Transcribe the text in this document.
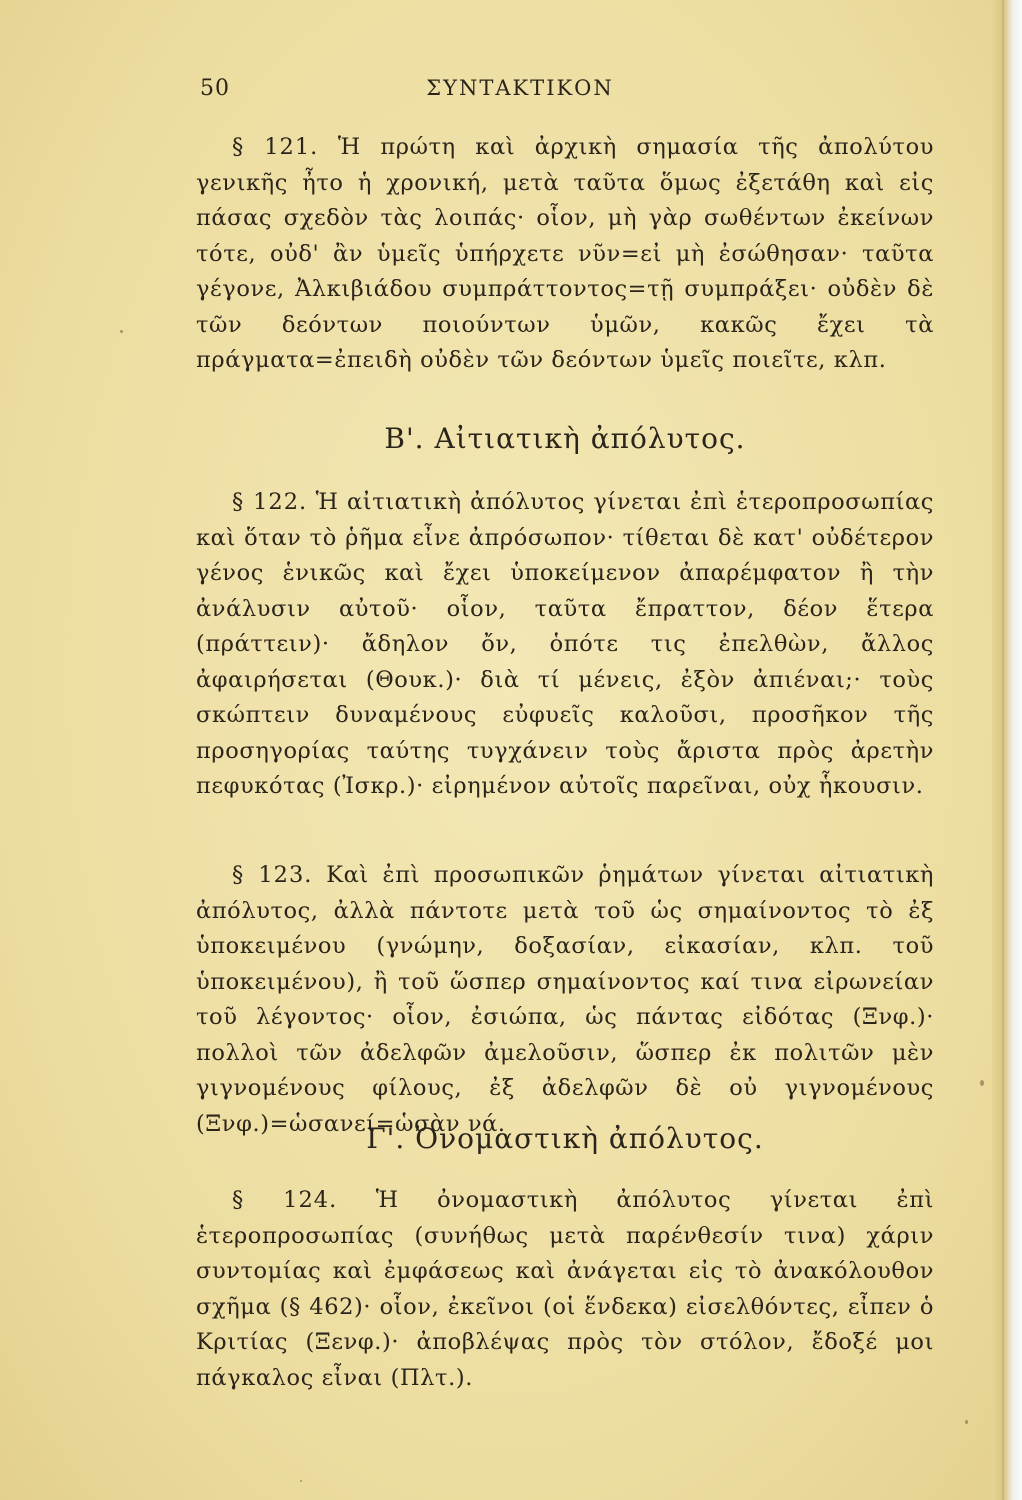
50	ΣΥΝΤΑΚΤΙΚΟΝ
§ 121. Ἡ πρώτη καὶ ἀρχικὴ σημασία τῆς ἀπολύτου γενικῆς ἦτο ἡ χρονική, μετὰ ταῦτα ὅμως ἐξετάθη καὶ εἰς πάσας σχεδὸν τὰς λοιπάς· οἷον, μὴ γὰρ σωθέντων ἐκείνων τότε, οὐδ' ἂν ὑμεῖς ὑπήρχετε νῦν=εἰ μὴ ἐσώθησαν· ταῦτα γέγονε, Ἀλκιβιάδου συμπράττοντος=τῇ συμπράξει· οὐδὲν δὲ τῶν δεόντων ποιούντων ὑμῶν, κακῶς ἔχει τὰ πράγματα=ἐπειδὴ οὐδὲν τῶν δεόντων ὑμεῖς ποιεῖτε, κλπ.
Β'. Αἰτιατικὴ ἀπόλυτος.
§ 122. Ἡ αἰτιατικὴ ἀπόλυτος γίνεται ἐπὶ ἑτεροπροσωπίας καὶ ὅταν τὸ ῥῆμα εἶνε ἀπρόσωπον· τίθεται δὲ κατ' οὐδέτερον γένος ἑνικῶς καὶ ἔχει ὑποκείμενον ἀπαρέμφατον ἢ τὴν ἀνάλυσιν αὐτοῦ· οἷον, ταῦτα ἔπραττον, δέον ἕτερα (πράττειν)· ἄδηλον ὄν, ὁπότε τις ἐπελθὼν, ἄλλος ἀφαιρήσεται (Θουκ.)· διὰ τί μένεις, ἐξὸν ἀπιέναι;· τοὺς σκώπτειν δυναμένους εὐφυεῖς καλοῦσι, προσῆκον τῆς προσηγορίας ταύτης τυγχάνειν τοὺς ἄριστα πρὸς ἀρετὴν πεφυκότας (Ἰσκρ.)· εἰρημένον αὐτοῖς παρεῖναι, οὐχ ἧκουσιν.
§ 123. Καὶ ἐπὶ προσωπικῶν ῥημάτων γίνεται αἰτιατικὴ ἀπόλυτος, ἀλλὰ πάντοτε μετὰ τοῦ ὡς σημαίνοντος τὸ ἐξ ὑποκειμένου (γνώμην, δοξασίαν, εἰκασίαν, κλπ. τοῦ ὑποκειμένου), ἢ τοῦ ὥσπερ σημαίνοντος καί τινα εἰρωνείαν τοῦ λέγοντος· οἷον, ἐσιώπα, ὡς πάντας εἰδότας (Ξνφ.)· πολλοὶ τῶν ἀδελφῶν ἀμελοῦσιν, ὥσπερ ἐκ πολιτῶν μὲν γιγνομένους φίλους, ἐξ ἀδελφῶν δὲ οὐ γιγνομένους (Ξνφ.)=ὡσανεί=ὡσὰν νά.
Γ'. Ὀνομαστικὴ ἀπόλυτος.
§ 124. Ἡ ὀνομαστικὴ ἀπόλυτος γίνεται ἐπὶ ἑτεροπροσωπίας (συνήθως μετὰ παρένθεσίν τινα) χάριν συντομίας καὶ ἐμφάσεως καὶ ἀνάγεται εἰς τὸ ἀνακόλουθον σχῆμα (§ 462)· οἷον, ἐκεῖνοι (οἱ ἕνδεκα) εἰσελθόντες, εἶπεν ὁ Κριτίας (Ξενφ.)· ἀποβλέψας πρὸς τὸν στόλον, ἔδοξέ μοι πάγκαλος εἶναι (Πλτ.).
